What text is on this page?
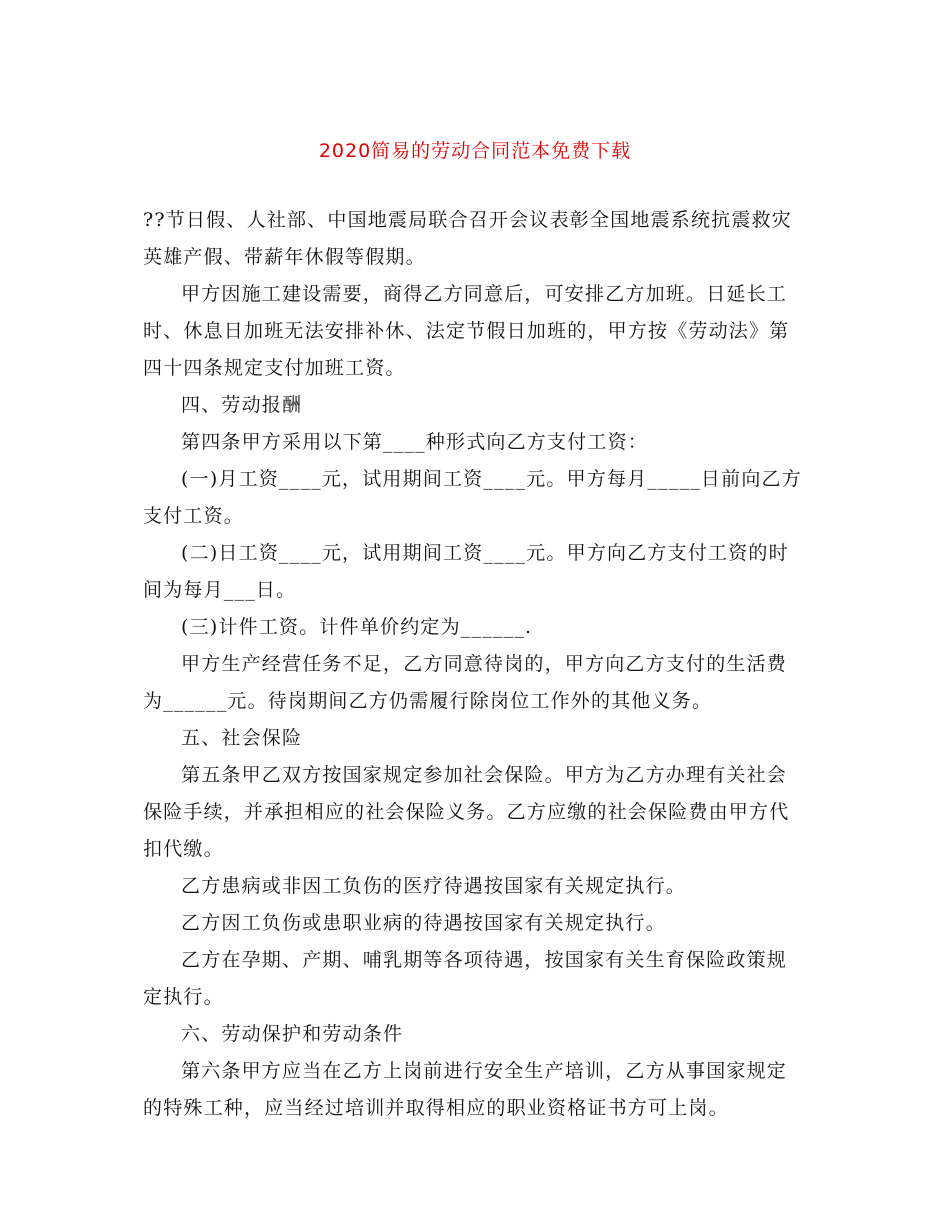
2020简易的劳动合同范本免费下载

??节日假、人社部、中国地震局联合召开会议表彰全国地震系统抗震救灾英雄产假、带薪年休假等假期。

甲方因施工建设需要，商得乙方同意后，可安排乙方加班。日延长工时、休息日加班无法安排补休、法定节假日加班的，甲方按《劳动法》第四十四条规定支付加班工资。

四、劳动报酬

第四条甲方采用以下第____种形式向乙方支付工资：

(一)月工资____元，试用期间工资____元。甲方每月_____日前向乙方支付工资。

(二)日工资____元，试用期间工资____元。甲方向乙方支付工资的时间为每月___日。

(三)计件工资。计件单价约定为______.

甲方生产经营任务不足，乙方同意待岗的，甲方向乙方支付的生活费为______元。待岗期间乙方仍需履行除岗位工作外的其他义务。

五、社会保险

第五条甲乙双方按国家规定参加社会保险。甲方为乙方办理有关社会保险手续，并承担相应的社会保险义务。乙方应缴的社会保险费由甲方代扣代缴。

乙方患病或非因工负伤的医疗待遇按国家有关规定执行。

乙方因工负伤或患职业病的待遇按国家有关规定执行。

乙方在孕期、产期、哺乳期等各项待遇，按国家有关生育保险政策规定执行。

六、劳动保护和劳动条件

第六条甲方应当在乙方上岗前进行安全生产培训，乙方从事国家规定的特殊工种，应当经过培训并取得相应的职业资格证书方可上岗。
